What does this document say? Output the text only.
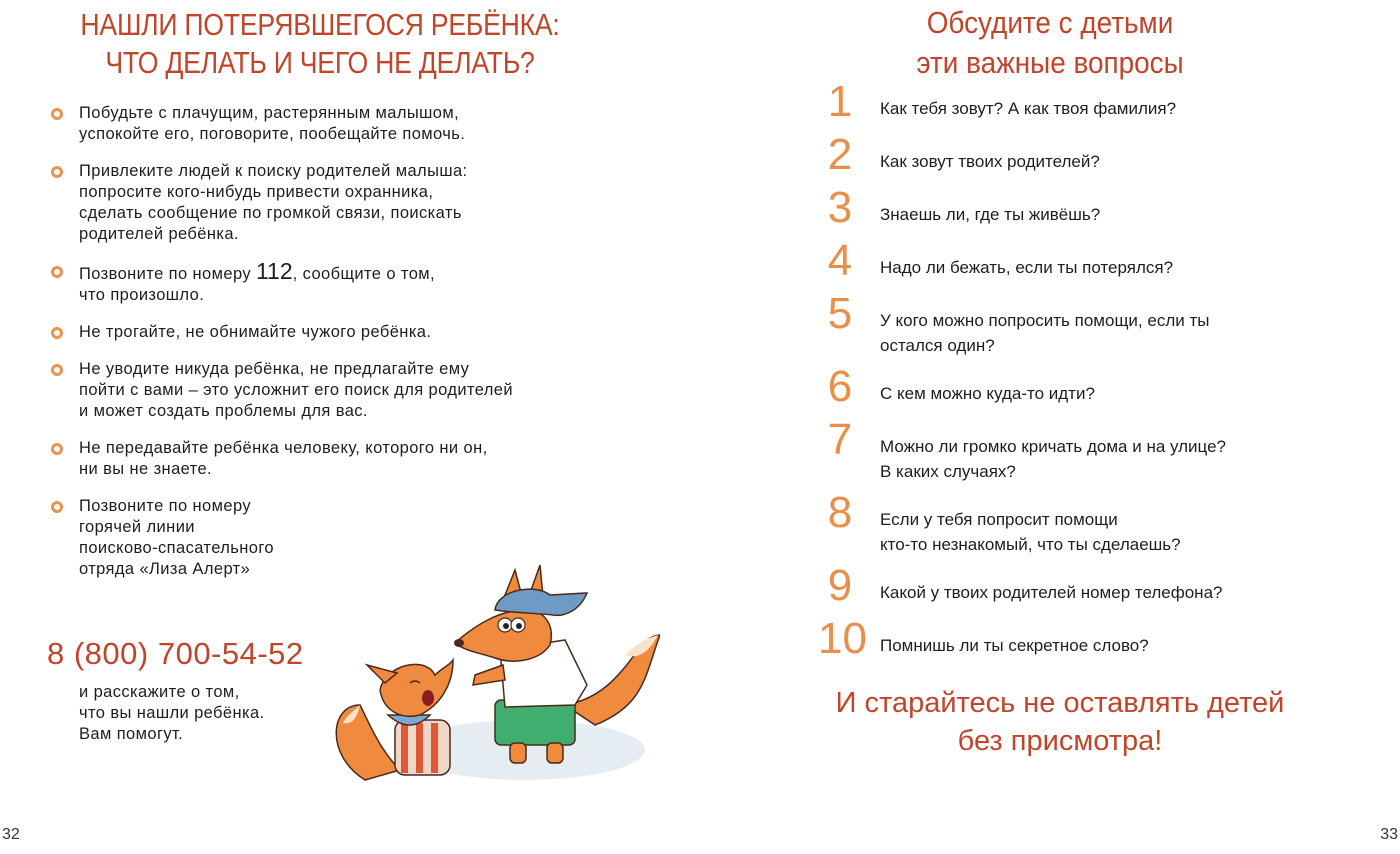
НАШЛИ ПОТЕРЯВШЕГОСЯ РЕБЁНКА:
ЧТО ДЕЛАТЬ И ЧЕГО НЕ ДЕЛАТЬ?
Побудьте с плачущим, растерянным малышом,
успокойте его, поговорите, пообещайте помочь.
Привлеките людей к поиску родителей малыша:
попросите кого-нибудь привести охранника,
сделать сообщение по громкой связи, поискать
родителей ребёнка.
Позвоните по номеру 112, сообщите о том,
что произошло.
Не трогайте, не обнимайте чужого ребёнка.
Не уводите никуда ребёнка, не предлагайте ему
пойти с вами – это усложнит его поиск для родителей
и может создать проблемы для вас.
Не передавайте ребёнка человеку, которого ни он,
ни вы не знаете.
Позвоните по номеру
горячей линии
поисково-спасательного
отряда «Лиза Алерт»
8 (800) 700-54-52
и расскажите о том,
что вы нашли ребёнка.
Вам помогут.
32
Обсудите с детьми
эти важные вопросы
1	Как тебя зовут? А как твоя фамилия?
2	Как зовут твоих родителей?
3	Знаешь ли, где ты живёшь?
4	Надо ли бежать, если ты потерялся?
5	У кого можно попросить помощи, если ты
остался один?
6	С кем можно куда-то идти?
7	Можно ли громко кричать дома и на улице?
В каких случаях?
8	Если у тебя попросит помощи
кто-то незнакомый, что ты сделаешь?
9	Какой у твоих родителей номер телефона?
10 Помнишь ли ты секретное слово?
И старайтесь не оставлять детей
без присмотра!
33
